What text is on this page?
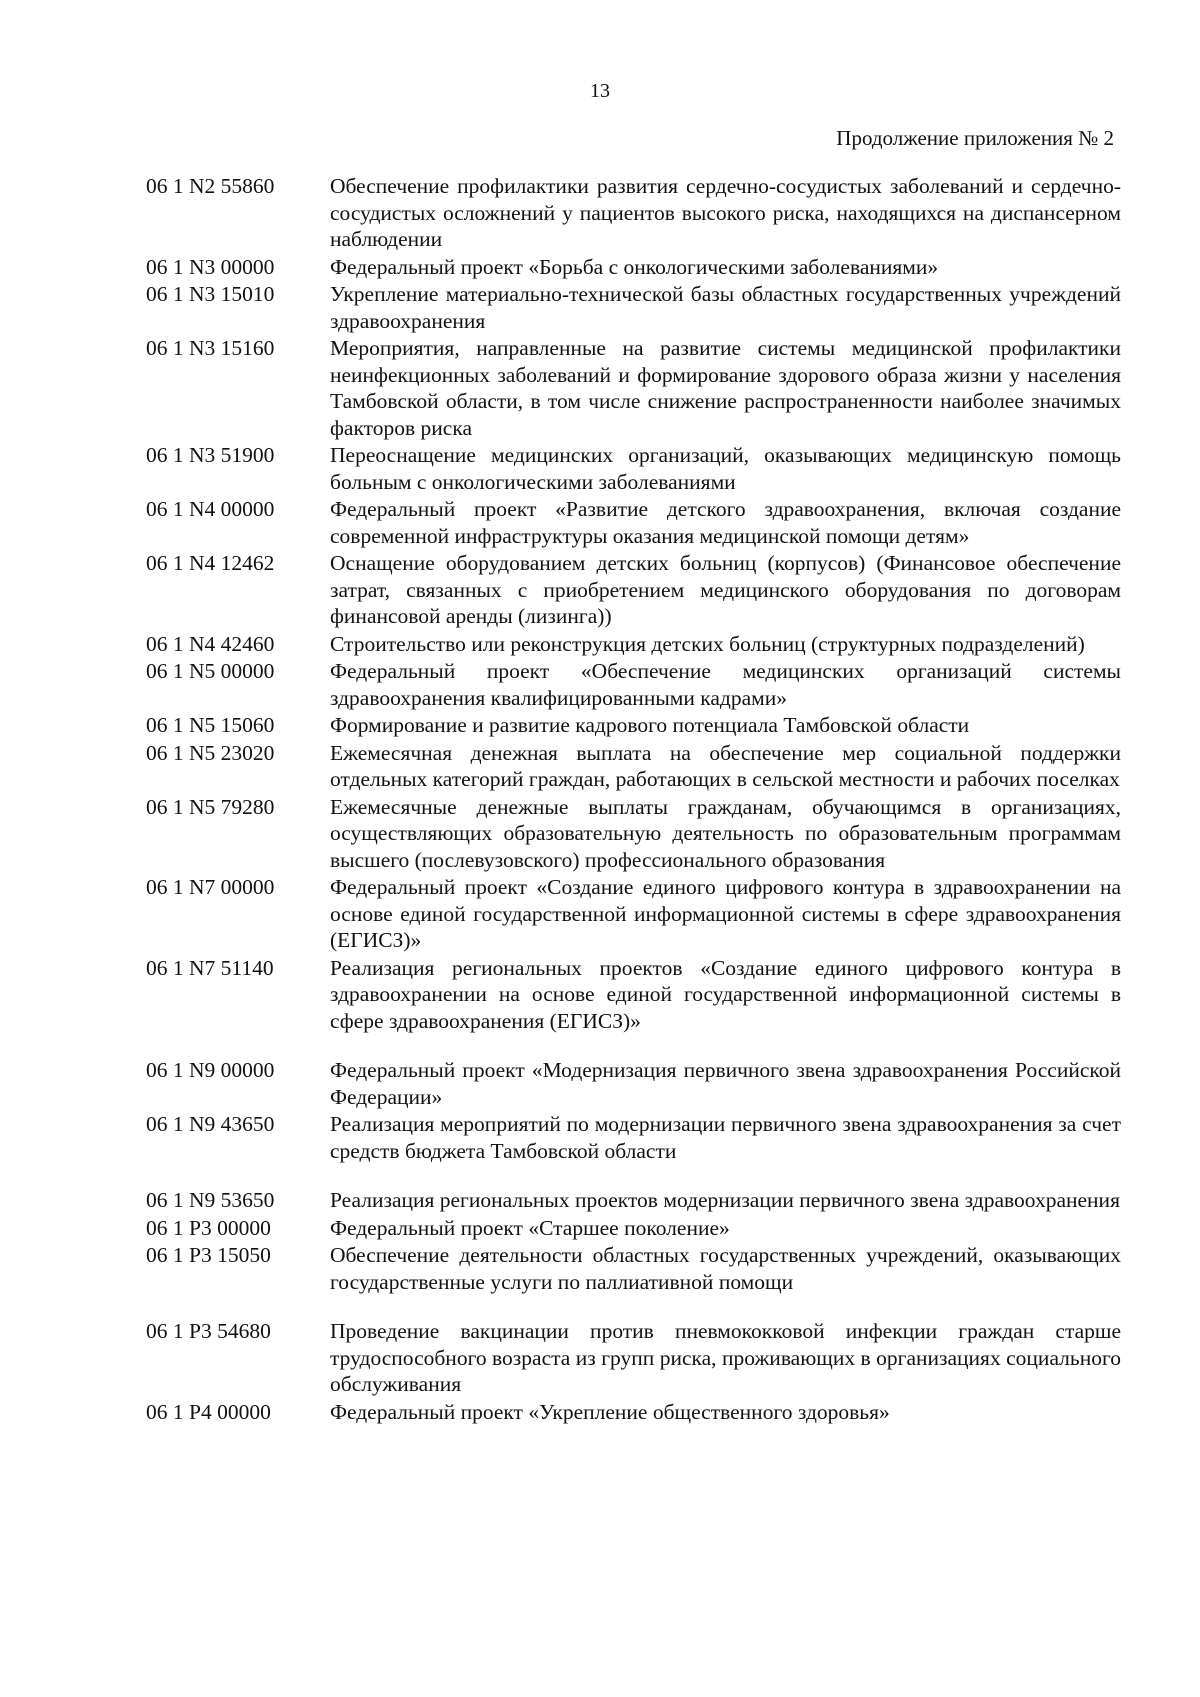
13
Продолжение приложения № 2
06 1 N2 55860	Обеспечение профилактики развития сердечно-сосудистых заболеваний и сердечно-сосудистых осложнений у пациентов высокого риска, находящихся на диспансерном наблюдении
06 1 N3 00000	Федеральный проект «Борьба с онкологическими заболеваниями»
06 1 N3 15010	Укрепление материально-технической базы областных государственных учреждений здравоохранения
06 1 N3 15160	Мероприятия, направленные на развитие системы медицинской профилактики неинфекционных заболеваний и формирование здорового образа жизни у населения Тамбовской области, в том числе снижение распространенности наиболее значимых факторов риска
06 1 N3 51900	Переоснащение медицинских организаций, оказывающих медицинскую помощь больным с онкологическими заболеваниями
06 1 N4 00000	Федеральный проект «Развитие детского здравоохранения, включая создание современной инфраструктуры оказания медицинской помощи детям»
06 1 N4 12462	Оснащение оборудованием детских больниц (корпусов) (Финансовое обеспечение затрат, связанных с приобретением медицинского оборудования по договорам финансовой аренды (лизинга))
06 1 N4 42460	Строительство или реконструкция детских больниц (структурных подразделений)
06 1 N5 00000	Федеральный проект «Обеспечение медицинских организаций системы здравоохранения квалифицированными кадрами»
06 1 N5 15060	Формирование и развитие кадрового потенциала Тамбовской области
06 1 N5 23020	Ежемесячная денежная выплата на обеспечение мер социальной поддержки отдельных категорий граждан, работающих в сельской местности и рабочих поселках
06 1 N5 79280	Ежемесячные денежные выплаты гражданам, обучающимся в организациях, осуществляющих образовательную деятельность по образовательным программам высшего (послевузовского) профессионального образования
06 1 N7 00000	Федеральный проект «Создание единого цифрового контура в здравоохранении на основе единой государственной информационной системы в сфере здравоохранения (ЕГИСЗ)»
06 1 N7 51140	Реализация региональных проектов «Создание единого цифрового контура в здравоохранении на основе единой государственной информационной системы в сфере здравоохранения (ЕГИСЗ)»
06 1 N9 00000	Федеральный проект «Модернизация первичного звена здравоохранения Российской Федерации»
06 1 N9 43650	Реализация мероприятий по модернизации первичного звена здравоохранения за счет средств бюджета Тамбовской области
06 1 N9 53650	Реализация региональных проектов модернизации первичного звена здравоохранения
06 1 P3 00000	Федеральный проект «Старшее поколение»
06 1 P3 15050	Обеспечение деятельности областных государственных учреждений, оказывающих государственные услуги по паллиативной помощи
06 1 P3 54680	Проведение вакцинации против пневмококковой инфекции граждан старше трудоспособного возраста из групп риска, проживающих в организациях социального обслуживания
06 1 P4 00000	Федеральный проект «Укрепление общественного здоровья»
